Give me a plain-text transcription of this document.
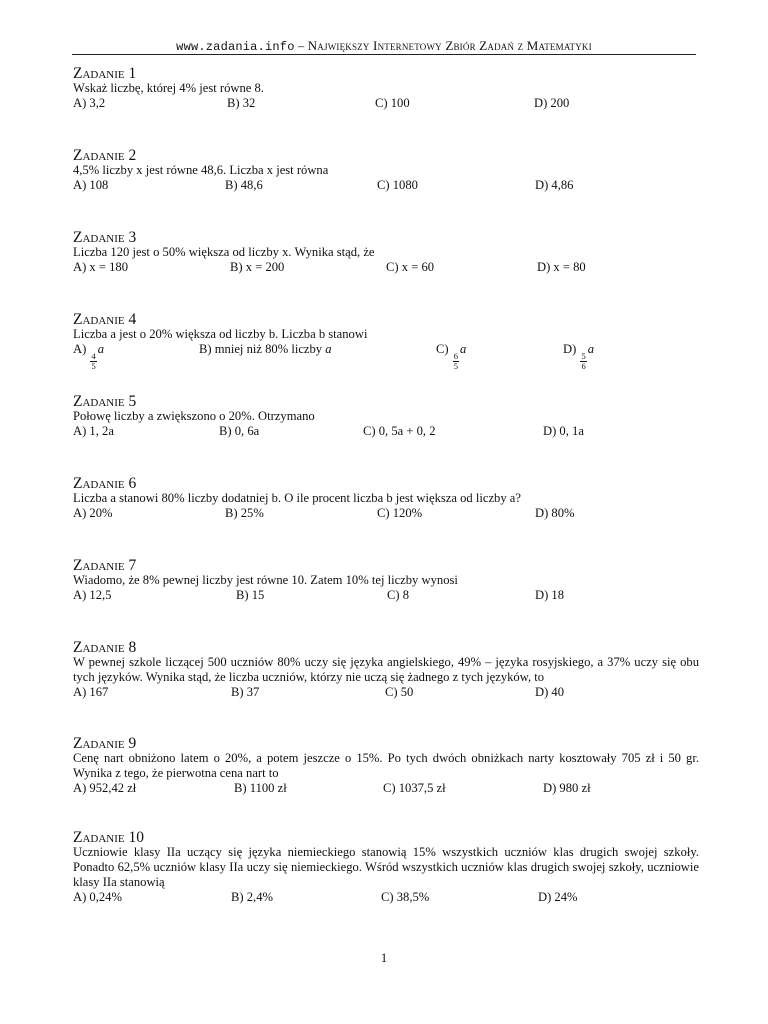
www.zadania.info – Największy Internetowy Zbiór Zadań z Matematyki
Zadanie 1
Wskaż liczbę, której 4% jest równe 8.
A) 3,2	B) 32	C) 100	D) 200
Zadanie 2
4,5% liczby x jest równe 48,6. Liczba x jest równa
A) 108	B) 48,6	C) 1080	D) 4,86
Zadanie 3
Liczba 120 jest o 50% większa od liczby x. Wynika stąd, że
A) x = 180	B) x = 200	C) x = 60	D) x = 80
Zadanie 4
Liczba a jest o 20% większa od liczby b. Liczba b stanowi
A)
$\frac{4}{5}$
a	B) mniej niż 80% liczby a	C)
$\frac{6}{5}$
a	D)
$\frac{5}{6}$
a
Zadanie 5
Połowę liczby a zwiększono o 20%. Otrzymano
A) 1, 2a	B) 0, 6a	C) 0, 5a + 0, 2	D) 0, 1a
Zadanie 6
Liczba a stanowi 80% liczby dodatniej b. O ile procent liczba b jest większa od liczby a?
A) 20%	B) 25%	C) 120%	D) 80%
Zadanie 7
Wiadomo, że 8% pewnej liczby jest równe 10. Zatem 10% tej liczby wynosi
A) 12,5	B) 15	C) 8	D) 18
Zadanie 8
W pewnej szkole liczącej 500 uczniów 80% uczy się języka angielskiego, 49% – języka rosyjskiego, a 37% uczy się obu tych języków. Wynika stąd, że liczba uczniów, którzy nie uczą się żadnego z tych języków, to
A) 167	B) 37	C) 50	D) 40
Zadanie 9
Cenę nart obniżono latem o 20%, a potem jeszcze o 15%. Po tych dwóch obniżkach narty kosztowały 705 zł i 50 gr. Wynika z tego, że pierwotna cena nart to
A) 952,42 zł	B) 1100 zł	C) 1037,5 zł	D) 980 zł
Zadanie 10
Uczniowie klasy IIa uczący się języka niemieckiego stanowią 15% wszystkich uczniów klas drugich swojej szkoły. Ponadto 62,5% uczniów klasy IIa uczy się niemieckiego. Wśród wszystkich uczniów klas drugich swojej szkoły, uczniowie klasy IIa stanowią
A) 0,24%	B) 2,4%	C) 38,5%	D) 24%
1
